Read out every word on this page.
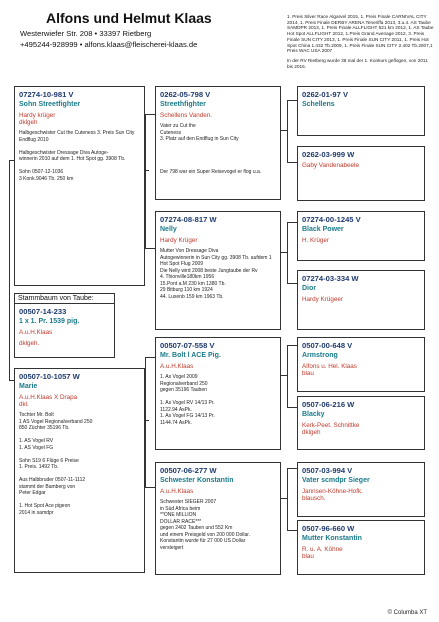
Alfons und Helmut Klaas
Westerwiefer Str. 208 • 33397 Rietberg
+495244-928999 • alfons.klaas@fleischerei-klaas.de

1. Preis Silver Race Algarvel 2015, 1. Preis Finale CARNIVAL CITY 2014, 1. Preis Finale DERBY ARENA Teneriffa 2013, 3.u.4. AS Taube SAMDPR 2013, 1. Preis Finale ALLFLIGHT 521 km 2012, 1. AS Taube Hot Spot ALLFLIGHT 2012, 1.Preis Grand Avenage 2012, 3. Preis Finale SUN CITY 2013, 1. Preis Finale SUN CITY 2011, 1. Preis Hot Spot China 1.432 Tb.2009, 1. Preis Finale SUN CITY 2.402 Tb.2007,1 Preis WAC USA 2007

In der RV Rietberg wurde 38 mal der 1. Konkurs geflogen, von 2011 bis 2016.

07274-10-981 V
Sohn Streetfighter
Hardy krüger
dklgeh
Halbgeschwister Cut the Cuteness 3. Preis Sun City Endflug 2010

Halbgeschwister Dressage Diva Autoge-
winnerin 2010 auf dem 1. Hot Spot gg. 3908 Tb.

Sohn 0507-12-1036
3 Konk.9046 Tb. 250 km
Stammbaum von Taube:
00507-14-233
1 x 1. Pr. 1539 pig.
A.u.H.Klaas
dklgeh.
00507-10-1057 W
Marie
A.u.H.Klaas X Drapa
dkl.
Tochter Mr. Bolt
1 AS Vogel Regionalverband 250
850 Züchter 35196 Tb.

1. AS Vogel RV
1. AS Vogel FG

Sohn S19 6 Flüge 6 Preise
1. Preis. 1492 Tb.

Aus Halbbruder 0507-11-1112
stammt der Bamberg von
Peter Edgar

1. Hot Spot Ace pigeon
2014 in samdpr
0262-05-798 V
Streethfighter
Schellens Vanden.
Vater zu Cut the
Cuteness
3. Platz auf den Endflug in Sun City

Der 798 war ein Super Reisevogel er flog u.a.
07274-08-817 W
Nelly
Hardy Krüger
Mutter Von Dressage Diva
Autogewinnerin in Sun City gg. 3908 Tb. aufdem 1 Hot Spot Flug 2009
Die Nelly wird 2008 beste Jungtaube der Rv
4. Thionville180km 1956
15.Pont a.M 230 km 1380 Tb.
29 Bitburg 110 km 1924
44. Luxenb 159 km 1963 Tb.
00507-07-558 V
Mr. Bolt l ACE Pig.
A.u.H.Klaas
1. As Vogel 2009
Regionalverband 250
gegen 35196 Tauben

1. As Vogel RV 14/13 Pr.
1122.94 AsPk.
1. As Vogel FG 14/13 Pr.
1144.74 AsPk.
00507-06-277 W
Schwester Konstantin
A.u.H.Klaas
Schwester SIEGER 2007
in Süd Africa beim
**ONE MILLION
DOLLAR RACE***
gegen 2402 Tauben und 552 Km
und einem Preisgeld von 200 000 Dollar.
Konstantin wurde für 27 000 US Dollar
versteigert
0262-01-97 V
Schellens
0262-03-999 W
Gaby Vandenabeele
07274-00-1245 V
Black Power
H. Krüger
07274-03-334 W
Dior
Hardy Krügeer
0507-00-648 V
Armstrong
Alfons u. Hel. Klaas
blau
0507-06-216 W
Blacky
Kerk-Peet. Schnittke
dklgeh
0507-03-994 V
Vater scmdpr Sieger
Jannsen-Köhne-Hofk.
blausch.
0507-96-660 W
Mutter Konstantin
R. u. A. Köhne
blau
© Columba XT
